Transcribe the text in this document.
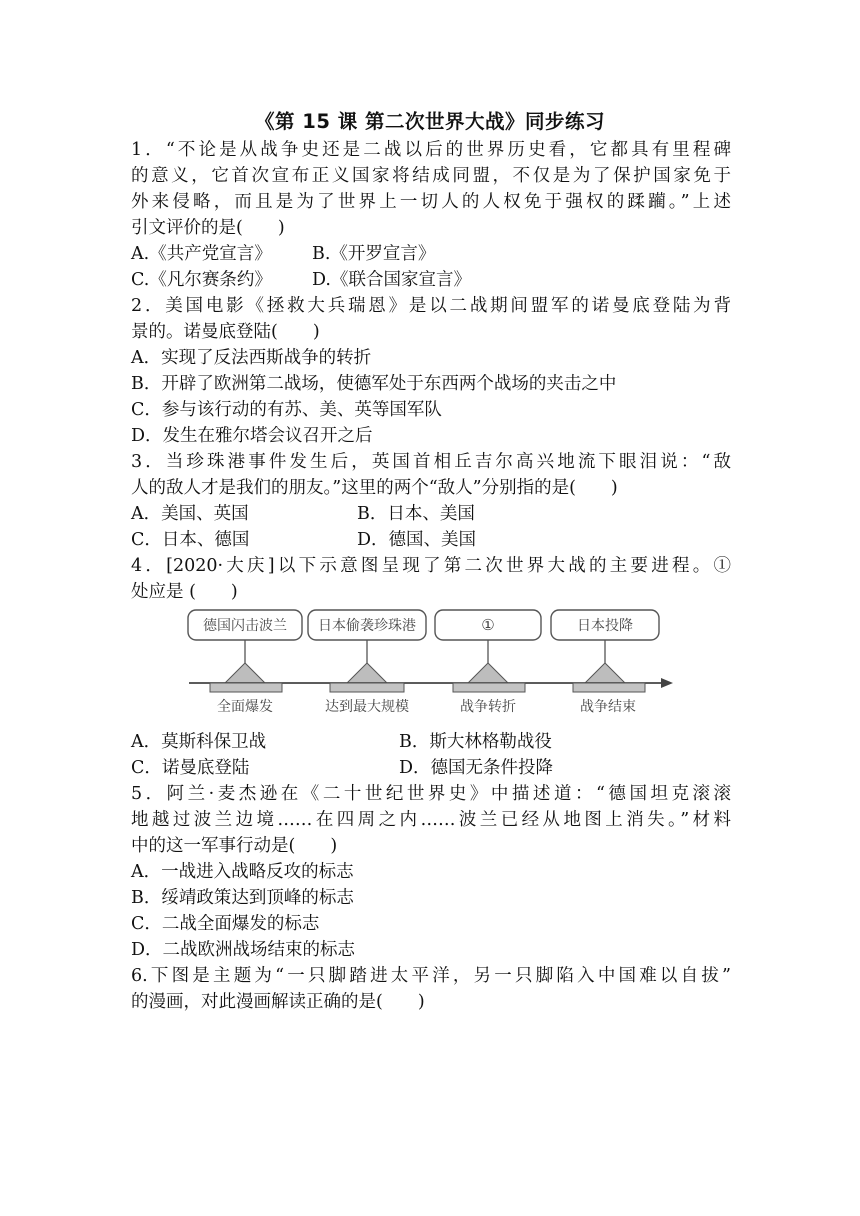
《第 15 课 第二次世界大战》同步练习
1．“不论是从战争史还是二战以后的世界历史看，它都具有里程碑
的意义，它首次宣布正义国家将结成同盟，不仅是为了保护国家免于
外来侵略，而且是为了世界上一切人的人权免于强权的蹂躏。”上述
引文评价的是(　　)
A.《共产党宣言》	B.《开罗宣言》
C.《凡尔赛条约》	D.《联合国家宣言》
2．美国电影《拯救大兵瑞恩》是以二战期间盟军的诺曼底登陆为背
景的。诺曼底登陆(　　)
A．实现了反法西斯战争的转折
B．开辟了欧洲第二战场，使德军处于东西两个战场的夹击之中
C．参与该行动的有苏、美、英等国军队
D．发生在雅尔塔会议召开之后
3．当珍珠港事件发生后，英国首相丘吉尔高兴地流下眼泪说：“敌
人的敌人才是我们的朋友。”这里的两个“敌人”分别指的是(　　)
A．美国、英国	B．日本、美国
C．日本、德国	D．德国、美国
4．[2020·大庆]以下示意图呈现了第二次世界大战的主要进程。①
处应是 (　　)
德国闪击波兰 日本偷袭珍珠港	①	日本投降
全面爆发	达到最大规模	战争转折	战争结束
A．莫斯科保卫战	B．斯大林格勒战役
C．诺曼底登陆	D．德国无条件投降
5．阿兰·麦杰逊在《二十世纪世界史》中描述道：“德国坦克滚滚
地越过波兰边境……在四周之内……波兰已经从地图上消失。”材料
中的这一军事行动是(　　)
A．一战进入战略反攻的标志
B．绥靖政策达到顶峰的标志
C．二战全面爆发的标志
D．二战欧洲战场结束的标志
6.下图是主题为“一只脚踏进太平洋，另一只脚陷入中国难以自拔”
的漫画，对此漫画解读正确的是(　　)
